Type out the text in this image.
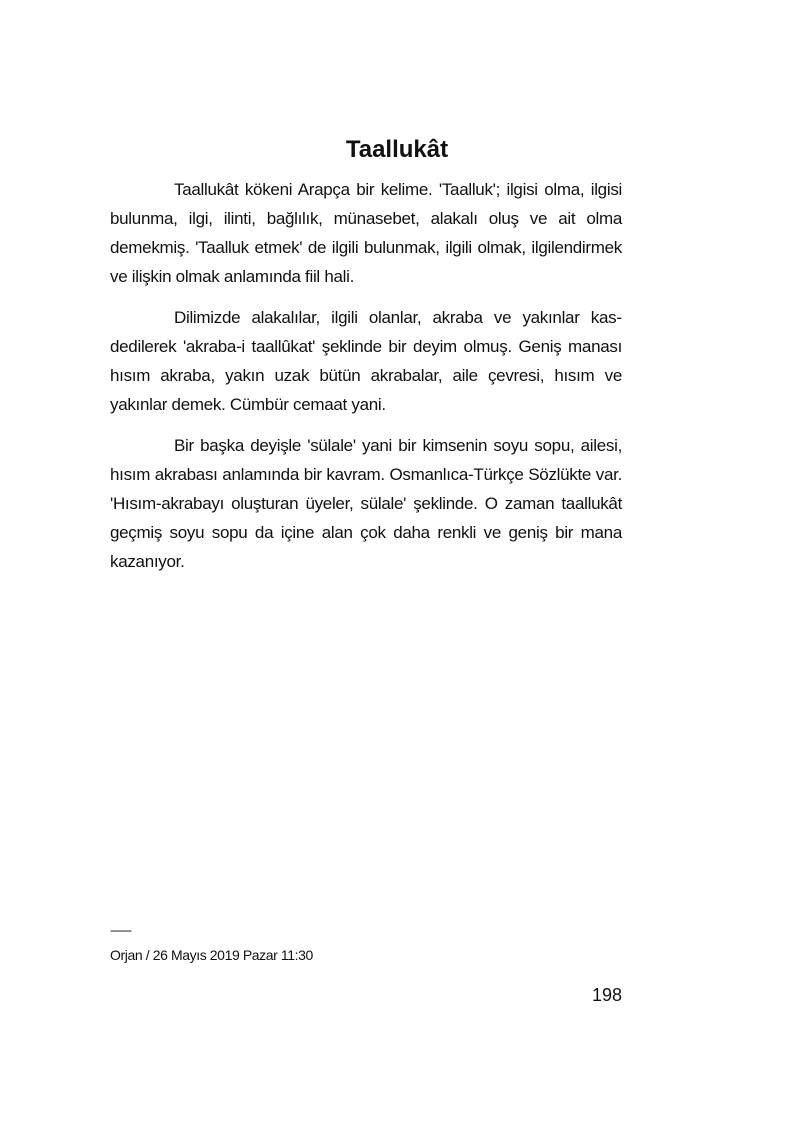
Taallukât

Taallukât kökeni Arapça bir kelime. 'Taalluk'; ilgisi olma, ilgisi bulunma, ilgi, ilinti, bağlılık, münasebet, alakalı oluş ve ait olma demekmiş. 'Taalluk etmek' de ilgili bulunmak, ilgili olmak, ilgilendirmek ve ilişkin olmak anlamında fiil hali.

Dilimizde alakalılar, ilgili olanlar, akraba ve yakınlar kasdedilerek 'akraba-i taallûkat' şeklinde bir deyim olmuş. Geniş manası hısım akraba, yakın uzak bütün akrabalar, aile çevresi, hısım ve yakınlar demek. Cümbür cemaat yani.

Bir başka deyişle 'sülale' yani bir kimsenin soyu sopu, ailesi, hısım akrabası anlamında bir kavram. Osmanlıca-Türkçe Sözlükte var. 'Hısım-akrabayı oluşturan üyeler, sülale' şeklinde. O zaman taallukât geçmiş soyu sopu da içine alan çok daha renkli ve geniş bir mana kazanıyor.

-------
Orjan / 26 Mayıs 2019 Pazar 11:30
198
